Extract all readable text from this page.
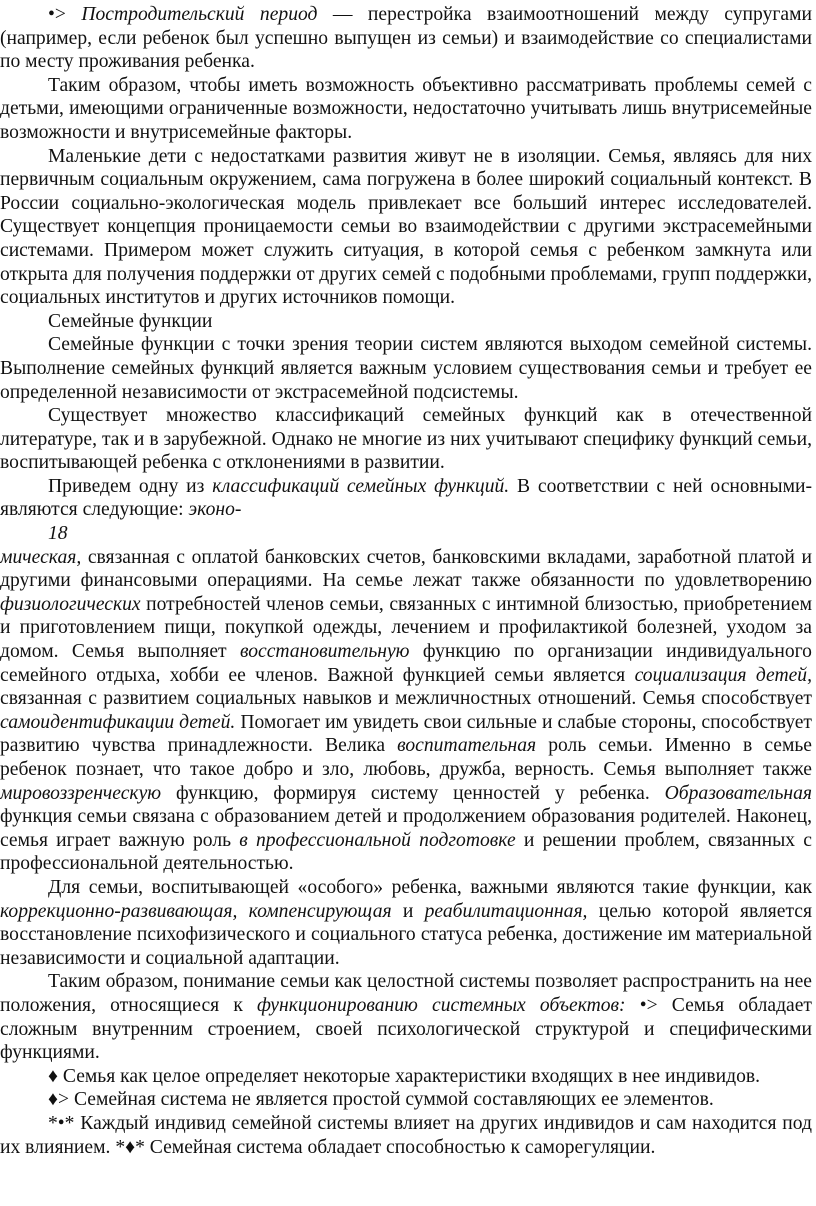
•> Постродительский период — перестройка взаимоотношений между супругами (например, если ребенок был успешно выпущен из семьи) и взаимодействие со специалистами по месту проживания ребенка.

Таким образом, чтобы иметь возможность объективно рассматривать проблемы семей с детьми, имеющими ограниченные возможности, недостаточно учитывать лишь внутрисемейные возможности и внутрисемейные факторы.

Маленькие дети с недостатками развития живут не в изоляции. Семья, являясь для них первичным социальным окружением, сама погружена в более широкий социальный контекст. В России социально-экологическая модель привлекает все больший интерес исследователей. Существует концепция проницаемости семьи во взаимодействии с другими экстрасемейными системами. Примером может служить ситуация, в которой семья с ребенком замкнута или открыта для получения поддержки от других семей с подобными проблемами, групп поддержки, социальных институтов и других источников помощи.

Семейные функции

Семейные функции с точки зрения теории систем являются выходом семейной системы. Выполнение семейных функций является важным условием существования семьи и требует ее определенной независимости от экстрасемейной подсистемы.

Существует множество классификаций семейных функций как в отечественной литературе, так и в зарубежной. Однако не многие из них учитывают специфику функций семьи, воспитывающей ребенка с отклонениями в развитии.

Приведем одну из классификаций семейных функций. В соответствии с ней основными-являются следующие: эконо-

18

мическая, связанная с оплатой банковских счетов, банковскими вкладами, заработной платой и другими финансовыми операциями. На семье лежат также обязанности по удовлетворению физиологических потребностей членов семьи, связанных с интимной близостью, приобретением и приготовлением пищи, покупкой одежды, лечением и профилактикой болезней, уходом за домом. Семья выполняет восстановительную функцию по организации индивидуального семейного отдыха, хобби ее членов. Важной функцией семьи является социализация детей, связанная с развитием социальных навыков и межличностных отношений. Семья способствует самоидентификации детей. Помогает им увидеть свои сильные и слабые стороны, способствует развитию чувства принадлежности. Велика воспитательная роль семьи. Именно в семье ребенок познает, что такое добро и зло, любовь, дружба, верность. Семья выполняет также мировоззренческую функцию, формируя систему ценностей у ребенка. Образовательная функция семьи связана с образованием детей и продолжением образования родителей. Наконец, семья играет важную роль в профессиональной подготовке и решении проблем, связанных с профессиональной деятельностью.

Для семьи, воспитывающей «особого» ребенка, важными являются такие функции, как коррекционно-развивающая, компенсирующая и реабилитационная, целью которой является восстановление психофизического и социального статуса ребенка, достижение им материальной независимости и социальной адаптации.

Таким образом, понимание семьи как целостной системы позволяет распространить на нее положения, относящиеся к функционированию системных объектов: •> Семья обладает сложным внутренним строением, своей психологической структурой и специфическими функциями.

♦ Семья как целое определяет некоторые характеристики входящих в нее индивидов.

♦> Семейная система не является простой суммой составляющих ее элементов.

*•* Каждый индивид семейной системы влияет на других индивидов и сам находится под их влиянием. *♦* Семейная система обладает способностью к саморегуляции.
